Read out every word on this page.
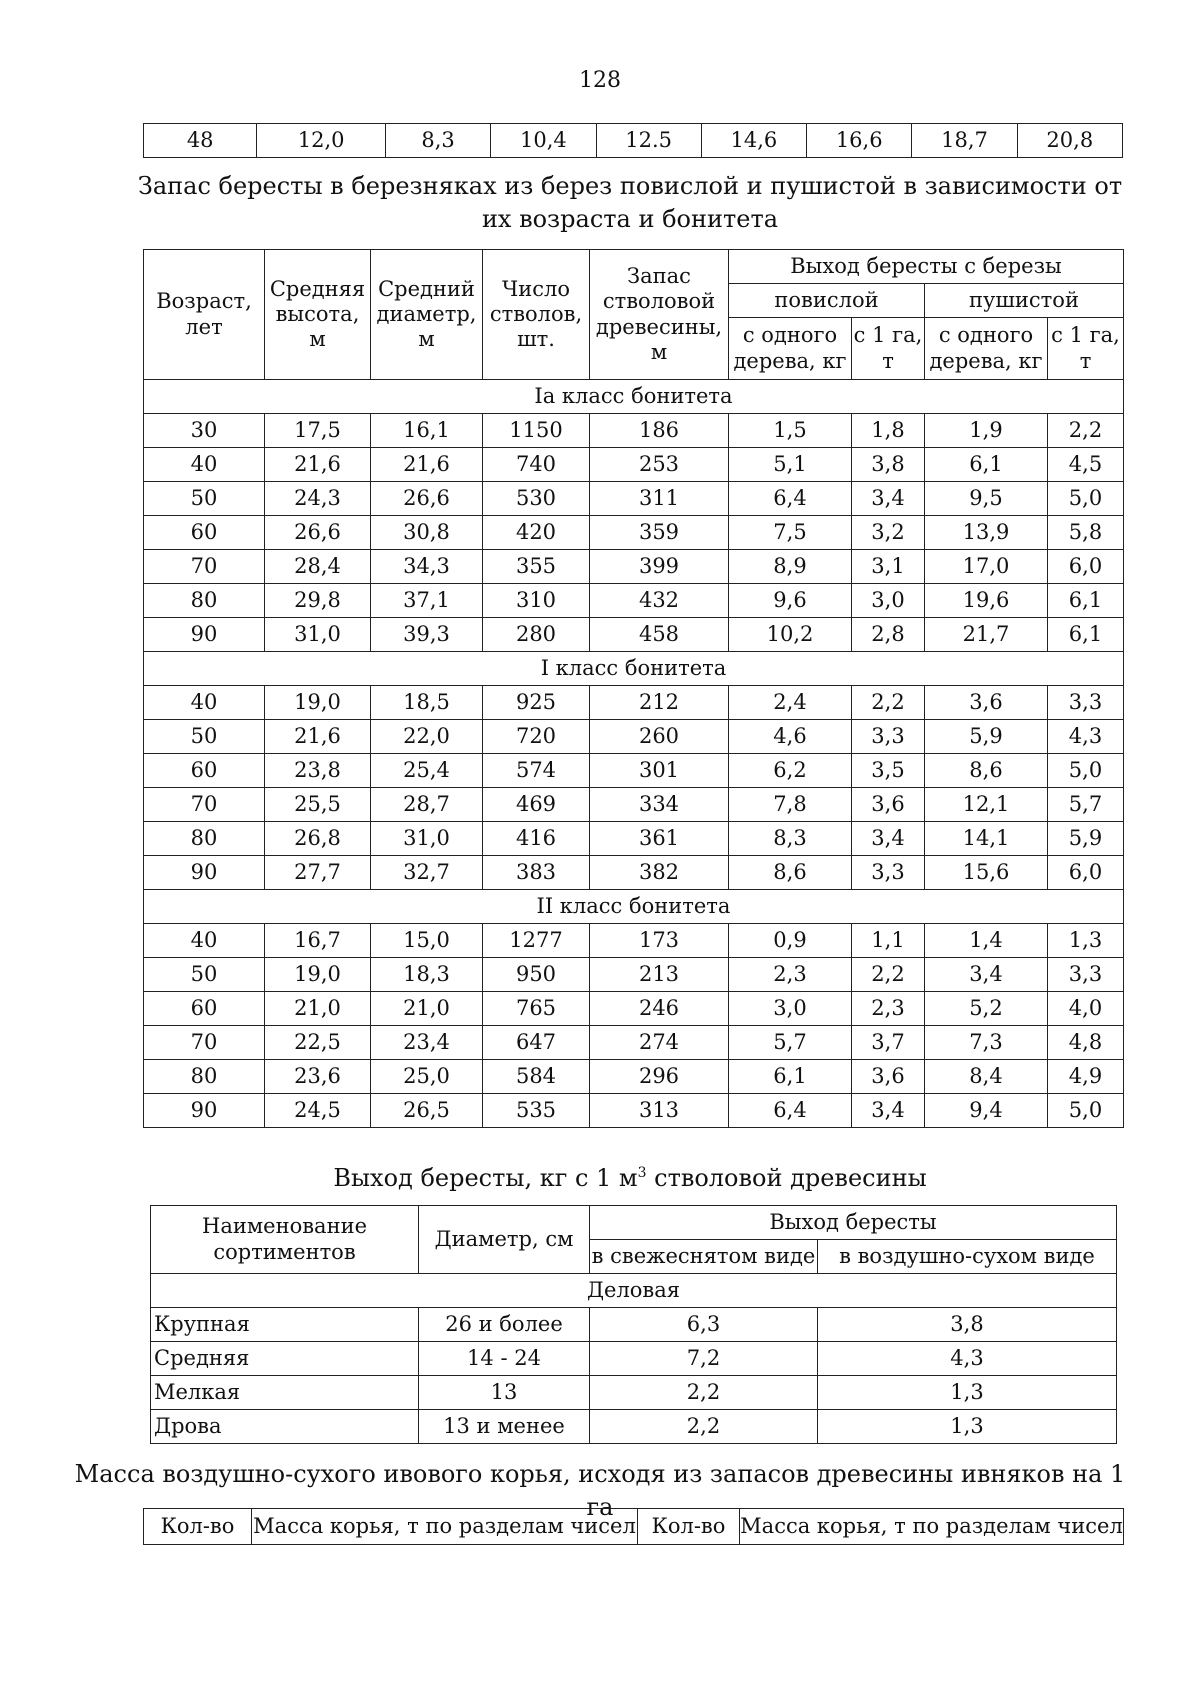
128
48	12,0	8,3	10,4	12.5	14,6	16,6	18,7	20,8
Запас бересты в березняках из берез повислой и пушистой в зависимости от их возраста и бонитета
Возраст, лет	Средняя высота, м	Средний диаметр, м	Число стволов, шт.	Запас стволовой древесины, м	Выход бересты с березы			
					повислой		пушистой	
					с одного дерева, кг	с 1 га, т	с одного дерева, кг	с 1 га, т
Ia класс бонитета								
30	17,5	16,1	1150	186	1,5	1,8	1,9	2,2
40	21,6	21,6	740	253	5,1	3,8	6,1	4,5
50	24,3	26,6	530	311	6,4	3,4	9,5	5,0
60	26,6	30,8	420	359	7,5	3,2	13,9	5,8
70	28,4	34,3	355	399	8,9	3,1	17,0	6,0
80	29,8	37,1	310	432	9,6	3,0	19,6	6,1
90	31,0	39,3	280	458	10,2	2,8	21,7	6,1
I класс бонитета								
40	19,0	18,5	925	212	2,4	2,2	3,6	3,3
50	21,6	22,0	720	260	4,6	3,3	5,9	4,3
60	23,8	25,4	574	301	6,2	3,5	8,6	5,0
70	25,5	28,7	469	334	7,8	3,6	12,1	5,7
80	26,8	31,0	416	361	8,3	3,4	14,1	5,9
90	27,7	32,7	383	382	8,6	3,3	15,6	6,0
II класс бонитета								
40	16,7	15,0	1277	173	0,9	1,1	1,4	1,3
50	19,0	18,3	950	213	2,3	2,2	3,4	3,3
60	21,0	21,0	765	246	3,0	2,3	5,2	4,0
70	22,5	23,4	647	274	5,7	3,7	7,3	4,8
80	23,6	25,0	584	296	6,1	3,6	8,4	4,9
90	24,5	26,5	535	313	6,4	3,4	9,4	5,0
Выход бересты, кг с 1 $м^3$ стволовой древесины
Наименование сортиментов	Диаметр, см	Выход бересты	
		в свежеснятом виде	в воздушно-сухом виде
Деловая			
Крупная	26 и более	6,3	3,8
Средняя	14 - 24	7,2	4,3
Мелкая	13	2,2	1,3
Дрова	13 и менее	2,2	1,3
Масса воздушно-сухого ивового корья, исходя из запасов древесины ивняков на 1 га
Кол-во	Масса корья, т по разделам чисел	Кол-во	Масса корья, т по разделам чисел
